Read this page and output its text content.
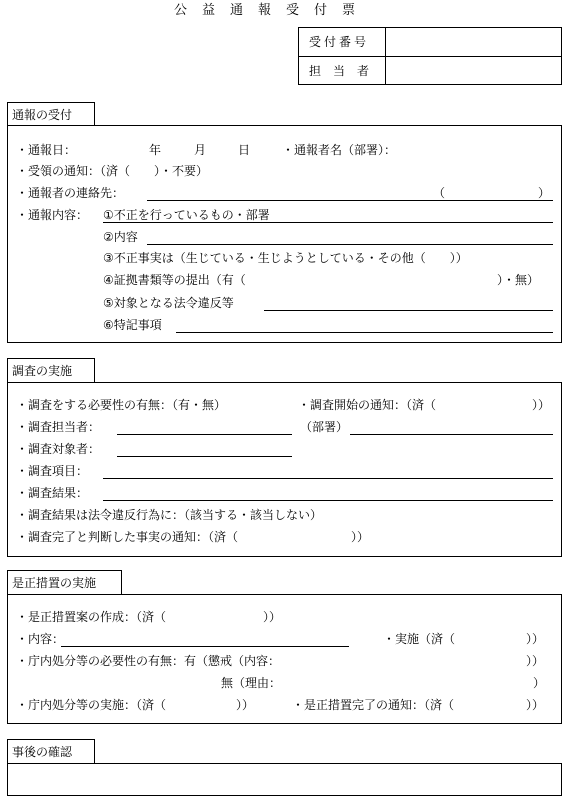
公　益　通　報　受　付　票
受付番号
担　当　者
通報の受付
・通報日：	年	月	日	・通報者名（部署）：
・受領の通知：（済（　　）・不要）
・通報者の連絡先：	（	）
・通報内容： ①不正を行っているもの・部署
②内容
③不正事実は（生じている・生じようとしている・その他（　　））
④証拠書類等の提出（有（	）・無）
⑤対象となる法令違反等
⑥特記事項
調査の実施
・調査をする必要性の有無：（有・無）	・調査開始の通知：（済（	））
・調査担当者：	（部署）
・調査対象者：
・調査項目：
・調査結果：
・調査結果は法令違反行為に：（該当する・該当しない）
・調査完了と判断した事実の通知：（済（	））
是正措置の実施
・是正措置案の作成：（済（	））
・内容：	・実施（済（	））
・庁内処分等の必要性の有無：有（懲戒（内容：	））
無（理由：	）
・庁内処分等の実施：（済（	））	・是正措置完了の通知：（済（	））
事後の確認
